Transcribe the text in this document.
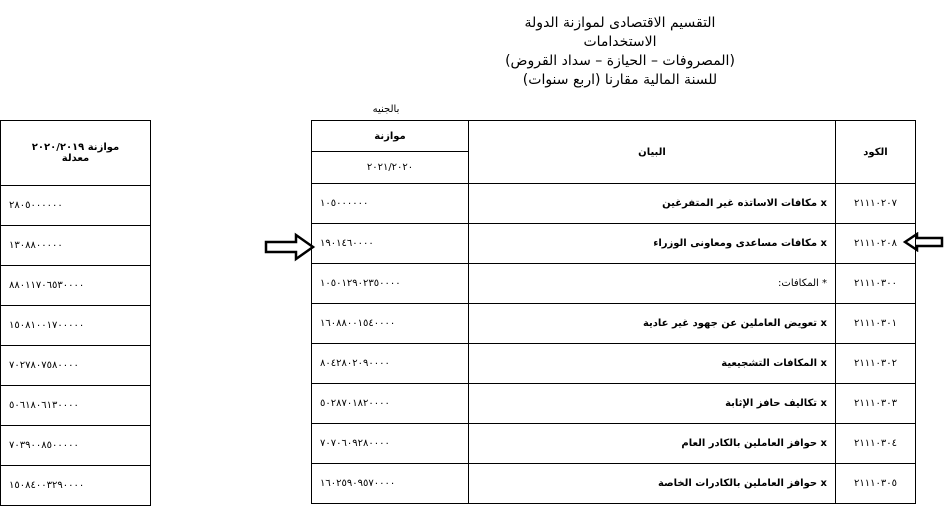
التقسيم الاقتصادى لموازنة الدولة
الاستخدامات
(المصروفات – الحيازة – سداد القروض)
للسنة المالية مقارنا (اربع سنوات)
بالجنيه
موازنة ٢٠٢٠/٢٠١٩
معدلة

٢٨٠٥٠٠٠٠٠٠
١٣٠٨٨٠٠٠٠٠
٨٨٠١١٧٠٦٥٣٠٠٠٠
١٥٠٨١٠٠١٧٠٠٠٠٠
٧٠٢٧٨٠٧٥٨٠٠٠٠
٥٠٦١٨٠٦١٣٠٠٠٠
٧٠٣٩٠٠٨٥٠٠٠٠٠
١٥٠٨٤٠٠٣٢٩٠٠٠٠
موازنة	البيان	الكود
٢٠٢١/٢٠٢٠		
١٠٥٠٠٠٠٠٠	x مكافات الاساتذه غير المتفرغين	٢١١١٠٢٠٧
١٩٠١٤٦٠٠٠٠	x مكافات مساعدى ومعاونى الوزراء	٢١١١٠٢٠٨
١٠٥٠١٢٩٠٢٣٥٠٠٠٠	* المكافات:	٢١١١٠٣٠٠
١٦٠٨٨٠٠١٥٤٠٠٠٠	x تعويض العاملين عن جهود غير عادية	٢١١١٠٣٠١
٨٠٤٢٨٠٢٠٩٠٠٠٠	x المكافات التشجيعية	٢١١١٠٣٠٢
٥٠٢٨٧٠١٨٢٠٠٠٠	x تكاليف حافز الإثابة	٢١١١٠٣٠٣
٧٠٧٠٦٠٩٢٨٠٠٠٠	x حوافز العاملين بالكادر العام	٢١١١٠٣٠٤
١٦٠٢٥٩٠٩٥٧٠٠٠٠	x حوافز العاملين بالكادرات الخاصة	٢١١١٠٣٠٥
